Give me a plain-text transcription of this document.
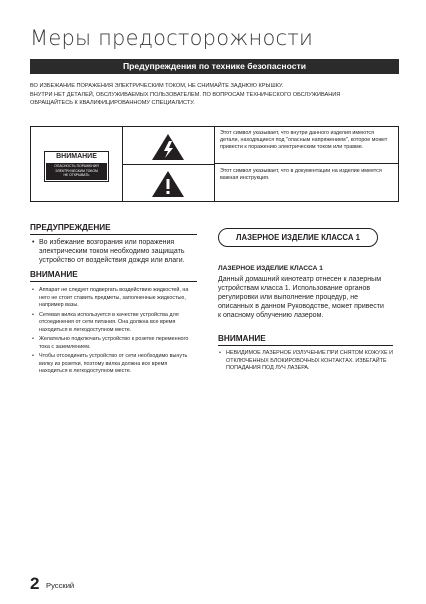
Меры предосторожности
Предупреждения по технике безопасности

ВО ИЗБЕЖАНИЕ ПОРАЖЕНИЯ ЭЛЕКТРИЧЕСКИМ ТОКОМ, НЕ СНИМАЙТЕ ЗАДНЮЮ КРЫШКУ.

ВНУТРИ НЕТ ДЕТАЛЕЙ, ОБСЛУЖИВАЕМЫХ ПОЛЬЗОВАТЕЛЕМ. ПО ВОПРОСАМ ТЕХНИЧЕСКОГО ОБСЛУЖИВАНИЯ

ОБРАЩАЙТЕСЬ К КВАЛИФИЦИРОВАННОМУ СПЕЦИАЛИСТУ.

ВНИМАНИЕ
ОПАСНОСТЬ ПОРАЖЕНИЯ
ЭЛЕКТРИЧЕСКИМ ТОКОМ
НЕ ОТКРЫВАТЬ
Этот символ указывает, что внутри данного изделия имеются детали, находящиеся под "опасным напряжением", которое может привести к поражению электрическим током или травме.
Этот символ указывает, что в документации на изделие имеется важная инструкция.
ПРЕДУПРЕЖДЕНИЕ
• Во избежание возгорания или поражения электрическим током необходимо защищать устройство от воздействия дождя или влаги.
ВНИМАНИЕ
• Аппарат не следует подвергать воздействию жидкостей, на него не стоит ставить предметы, заполненные жидкостью, например вазы.
• Сетевая вилка используется в качестве устройства для отсоединения от сети питания. Она должна все время находиться в легкодоступном месте.
• Желательно подключать устройство к розетке переменного тока с заземлением.
• Чтобы отсоединить устройство от сети необходимо вынуть вилку из розетки, поэтому вилка должна все время находиться в легкодоступном месте.
ЛАЗЕРНОЕ ИЗДЕЛИЕ КЛАССА 1
ЛАЗЕРНОЕ ИЗДЕЛИЕ КЛАССА 1
Данный домашний кинотеатр отнесен к лазерным устройствам класса 1. Использование органов регулировки или выполнение процедур, не описанных в данном Руководстве, может привести к опасному облучению лазером.
ВНИМАНИЕ
• НЕВИДИМОЕ ЛАЗЕРНОЕ ИЗЛУЧЕНИЕ ПРИ СНЯТОМ КОЖУХЕ И ОТКЛЮЧЕННЫХ БЛОКИРОВОЧНЫХ КОНТАКТАХ. ИЗБЕГАЙТЕ ПОПАДАНИЯ ПОД ЛУЧ ЛАЗЕРА.
2 Русский
